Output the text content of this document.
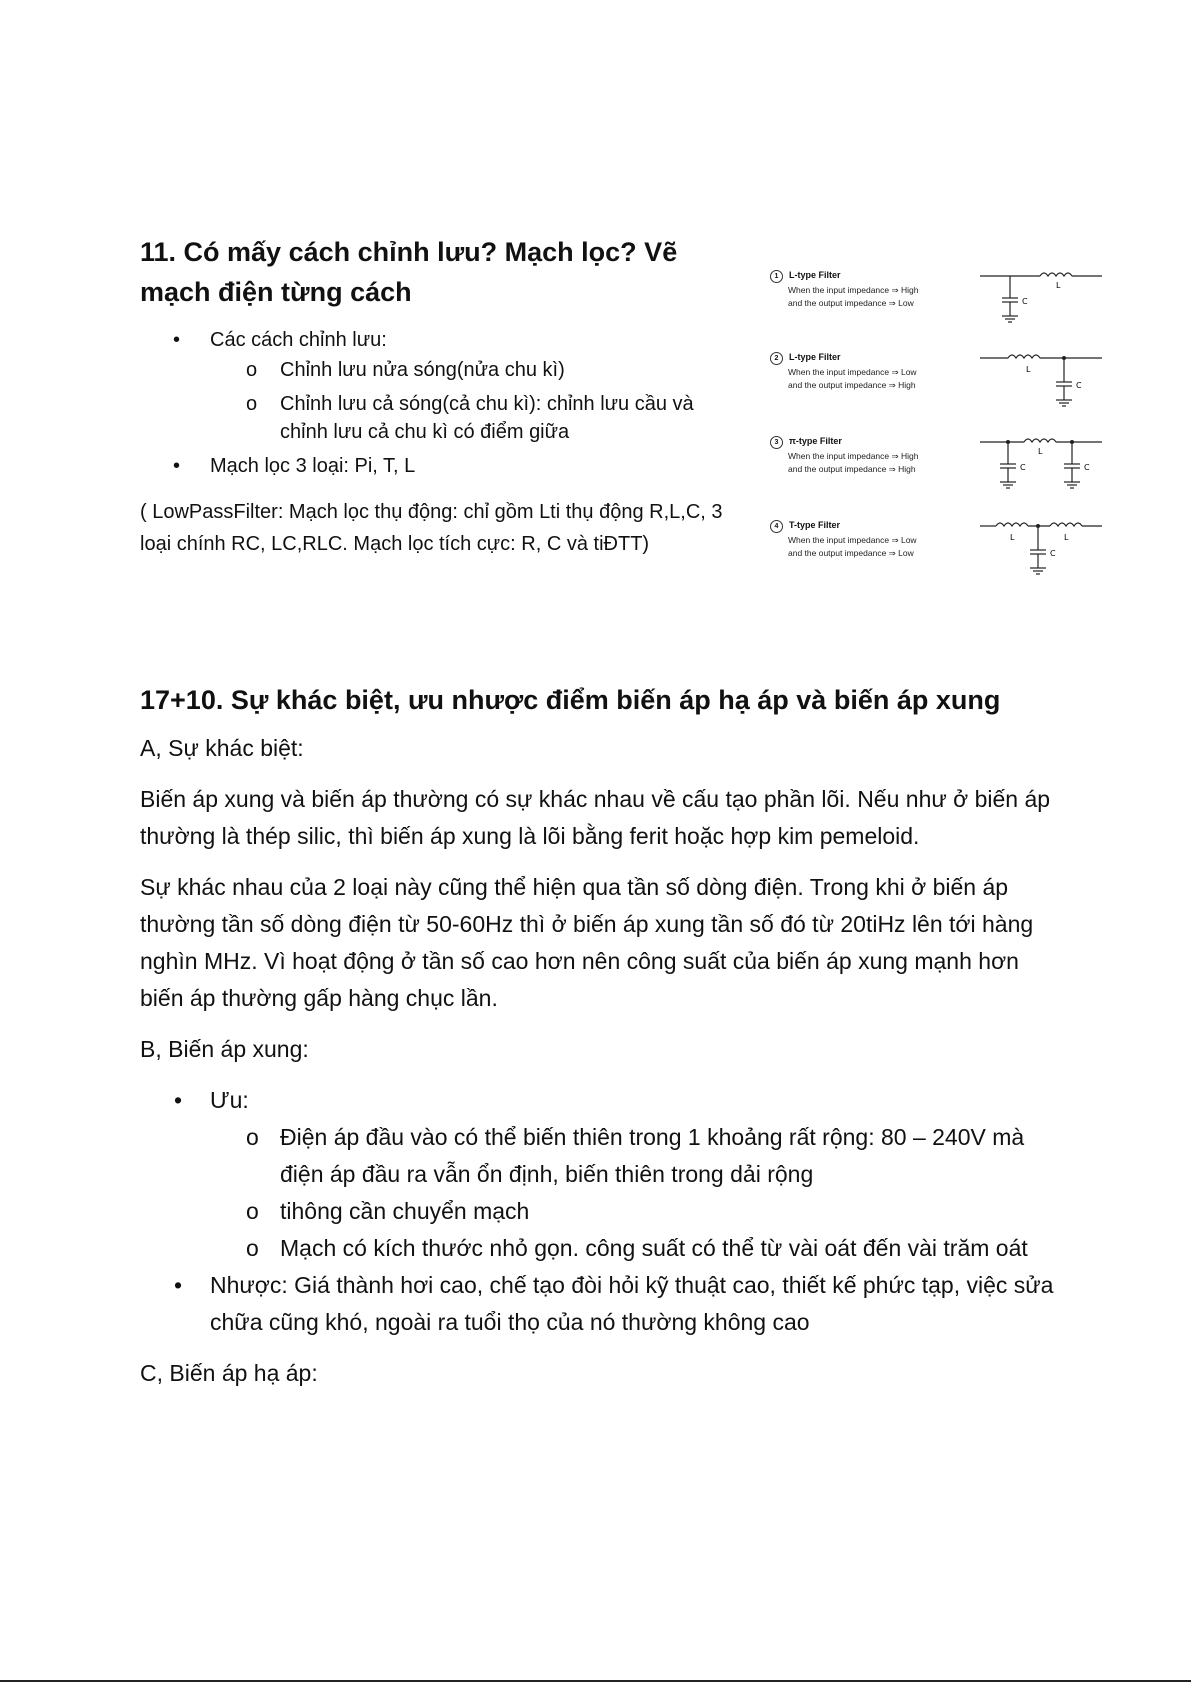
11. Có mấy cách chỉnh lưu? Mạch lọc? Vẽ mạch điện từng cách
• Các cách chỉnh lưu:
o Chỉnh lưu nửa sóng(nửa chu kì)
o Chỉnh lưu cả sóng(cả chu kì): chỉnh lưu cầu và chỉnh lưu cả chu kì có điểm giữa
• Mạch lọc 3 loại: Pi, T, L

( LowPassFilter: Mạch lọc thụ động: chỉ gồm Lti thụ động R,L,C, 3 loại chính RC, LC,RLC. Mạch lọc tích cực: R, C và tiĐTT)

1 L-type Filter
When the input impedance ⇒ High
and the output impedance ⇒ Low	C
L
2 L-type Filter
When the input impedance ⇒ Low
and the output impedance ⇒ High
L
C
3 π-type Filter
When the input impedance ⇒ High
and the output impedance ⇒ High	C
L
C
4 T-type Filter
When the input impedance ⇒ Low
and the output impedance ⇒ Low
L	L
C
17+10. Sự khác biệt, ưu nhược điểm biến áp hạ áp và biến áp xung

A, Sự khác biệt:

Biến áp xung và biến áp thường có sự khác nhau về cấu tạo phần lõi. Nếu như ở biến áp thường là thép silic, thì biến áp xung là lõi bằng ferit hoặc hợp kim pemeloid.

Sự khác nhau của 2 loại này cũng thể hiện qua tần số dòng điện. Trong khi ở biến áp thường tần số dòng điện từ 50-60Hz thì ở biến áp xung tần số đó từ 20tiHz lên tới hàng nghìn MHz. Vì hoạt động ở tần số cao hơn nên công suất của biến áp xung mạnh hơn biến áp thường gấp hàng chục lần.

B, Biến áp xung:

• Ưu:
o Điện áp đầu vào có thể biến thiên trong 1 khoảng rất rộng: 80 – 240V mà điện áp đầu ra vẫn ổn định, biến thiên trong dải rộng
o tihông cần chuyển mạch
o Mạch có kích thước nhỏ gọn. công suất có thể từ vài oát đến vài trăm oát
• Nhược: Giá thành hơi cao, chế tạo đòi hỏi kỹ thuật cao, thiết kế phức tạp, việc sửa chữa cũng khó, ngoài ra tuổi thọ của nó thường không cao

C, Biến áp hạ áp:
